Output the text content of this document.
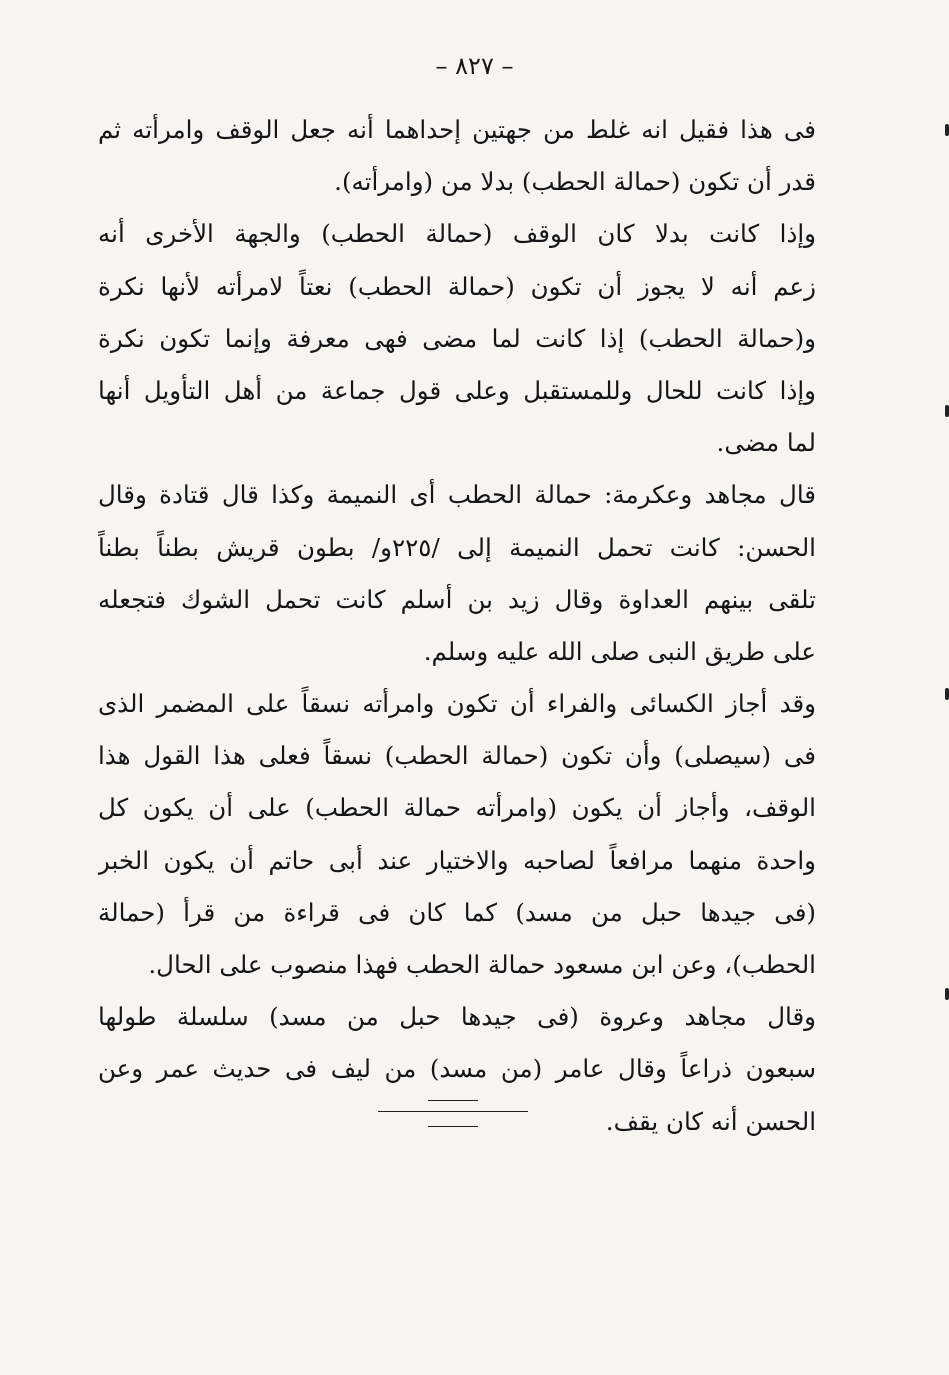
– ٨٢٧ –
فى هذا فقيل انه غلط من جهتين إحداهما أنه جعل الوقف وامرأته ثم
قدر أن تكون (حمالة الحطب) بدلا من (وامرأته).
وإذا كانت بدلا كان الوقف (حمالة الحطب) والجهة الأخرى أنه
زعم أنه لا يجوز أن تكون (حمالة الحطب) نعتاً لامرأته لأنها نكرة
و(حمالة الحطب) إذا كانت لما مضى فهى معرفة وإنما تكون نكرة
وإذا كانت للحال وللمستقبل وعلى قول جماعة من أهل التأويل أنها
لما مضى.
قال مجاهد وعكرمة: حمالة الحطب أى النميمة وكذا قال قتادة وقال
الحسن: كانت تحمل النميمة إلى /٢٢٥و/ بطون قريش بطناً بطناً
تلقى بينهم العداوة وقال زيد بن أسلم كانت تحمل الشوك فتجعله
على طريق النبى صلى الله عليه وسلم.
وقد أجاز الكسائى والفراء أن تكون وامرأته نسقاً على المضمر الذى
فى (سيصلى) وأن تكون (حمالة الحطب) نسقاً فعلى هذا القول هذا
الوقف، وأجاز أن يكون (وامرأته حمالة الحطب) على أن يكون كل
واحدة منهما مرافعاً لصاحبه والاختيار عند أبى حاتم أن يكون الخبر
(فى جيدها حبل من مسد) كما كان فى قراءة من قرأ (حمالة
الحطب)، وعن ابن مسعود حمالة الحطب فهذا منصوب على الحال.
وقال مجاهد وعروة (فى جيدها حبل من مسد) سلسلة طولها
سبعون ذراعاً وقال عامر (من مسد) من ليف فى حديث عمر وعن
الحسن أنه كان يقف.
